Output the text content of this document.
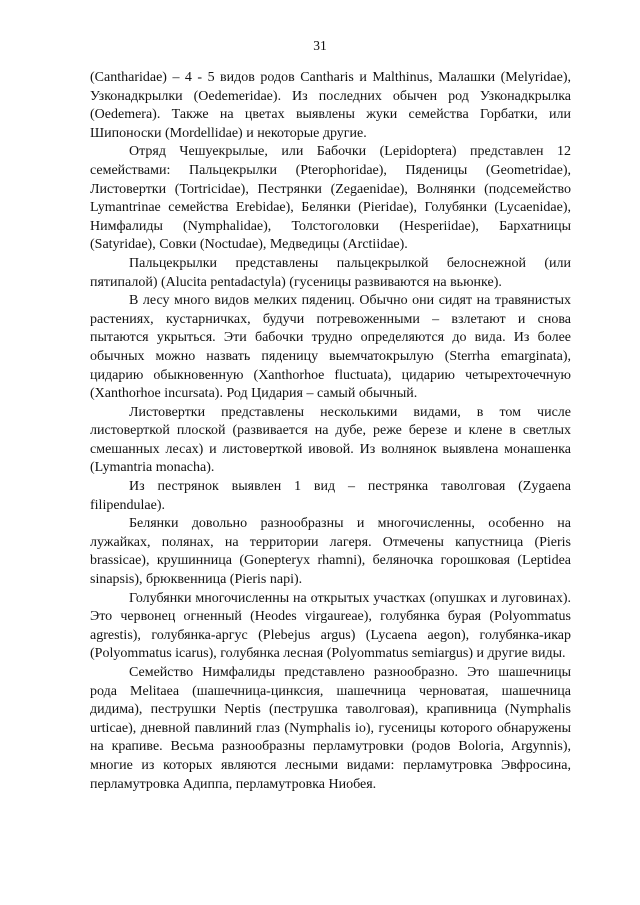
31

(Cantharidae) – 4 - 5 видов родов Cantharis и Malthinus, Малашки (Melyridae), Узконадкрылки (Oedemeridae). Из последних обычен род Узконадкрылка (Oedemera). Также на цветах выявлены жуки семейства Горбатки, или Шипоноски (Mordellidae) и некоторые другие.

Отряд Чешуекрылые, или Бабочки (Lepidoptera) представлен 12 семействами: Пальцекрылки (Pterophoridae), Пяденицы (Geometridae), Листовертки (Tortricidae), Пестрянки (Zegaenidae), Волнянки (подсемейство Lymantrinae семейства Erebidae), Белянки (Pieridae), Голубянки (Lycaenidae), Нимфалиды (Nymphalidae), Толстоголовки (Hesperiidae), Бархатницы (Satyridae), Совки (Noctudae), Медведицы (Arctiidae).

Пальцекрылки представлены пальцекрылкой белоснежной (или пятипалой) (Alucita pentadactyla) (гусеницы развиваются на вьюнке).

В лесу много видов мелких пядениц. Обычно они сидят на травянистых растениях, кустарничках, будучи потревоженными – взлетают и снова пытаются укрыться. Эти бабочки трудно определяются до вида. Из более обычных можно назвать пяденицу выемчатокрылую (Sterrha emarginata), цидарию обыкновенную (Xanthorhoe fluctuata), цидарию четырехточечную (Xanthorhoe incursata). Род Цидария – самый обычный.

Листовертки представлены несколькими видами, в том числе листоверткой плоской (развивается на дубе, реже березе и клене в светлых смешанных лесах) и листоверткой ивовой. Из волнянок выявлена монашенка (Lymantria monacha).

Из пестрянок выявлен 1 вид – пестрянка таволговая (Zygaena filipendulae).

Белянки довольно разнообразны и многочисленны, особенно на лужайках, полянах, на территории лагеря. Отмечены капустница (Pieris brassicae), крушинница (Gonepteryx rhamni), беляночка горошковая (Leptidea sinapsis), брюквенница (Pieris napi).

Голубянки многочисленны на открытых участках (опушках и луговинах). Это червонец огненный (Heodes virgaureae), голубянка бурая (Polyommatus agrestis), голубянка-аргус (Plebejus argus) (Lycaena aegon), голубянка-икар (Polyommatus icarus), голубянка лесная (Polyommatus semiargus) и другие виды.

Семейство Нимфалиды представлено разнообразно. Это шашечницы рода Melitaea (шашечница-цинксия, шашечница черноватая, шашечница дидима), пеструшки Neptis (пеструшка таволговая), крапивница (Nymphalis urticae), дневной павлиний глаз (Nymphalis io), гусеницы которого обнаружены на крапиве. Весьма разнообразны перламутровки (родов Boloria, Argynnis), многие из которых являются лесными видами: перламутровка Эвфросина, перламутровка Адиппа, перламутровка Ниобея.
